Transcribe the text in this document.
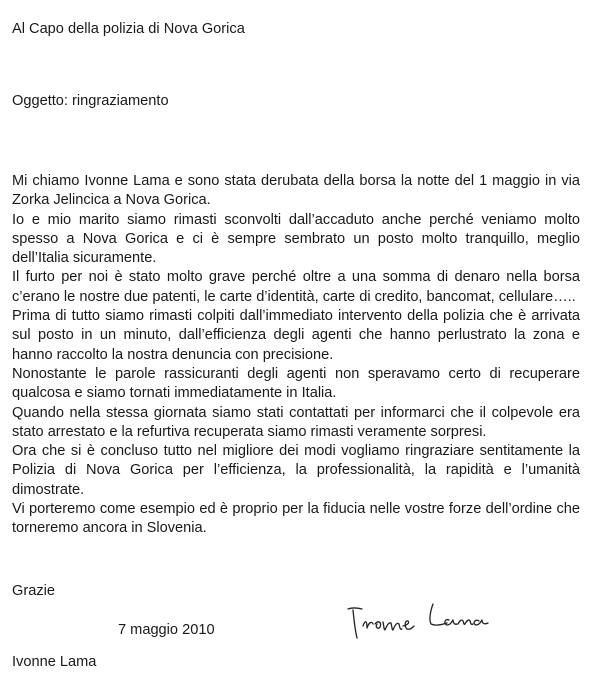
Al Capo della polizia di Nova Gorica
Oggetto: ringraziamento

Mi chiamo Ivonne Lama e sono stata derubata della borsa la notte del 1 maggio in via Zorka Jelincica a Nova Gorica.

Io e mio marito siamo rimasti sconvolti dall’accaduto anche perché veniamo molto spesso a Nova Gorica e ci è sempre sembrato un posto molto tranquillo, meglio dell’Italia sicuramente.

Il furto per noi è stato molto grave perché oltre a una somma di denaro nella borsa c’erano le nostre due patenti, le carte d’identità, carte di credito, bancomat, cellulare…..

Prima di tutto siamo rimasti colpiti dall’immediato intervento della polizia che è arrivata sul posto in un minuto, dall’efficienza degli agenti che hanno perlustrato la zona e hanno raccolto la nostra denuncia con precisione.

Nonostante le parole rassicuranti degli agenti non speravamo certo di recuperare qualcosa e siamo tornati immediatamente in Italia.

Quando nella stessa giornata siamo stati contattati per informarci che il colpevole era stato arrestato e la refurtiva recuperata siamo rimasti veramente sorpresi.

Ora che si è concluso tutto nel migliore dei modi vogliamo ringraziare sentitamente la Polizia di Nova Gorica per l’efficienza, la professionalità, la rapidità e l’umanità dimostrate.

Vi porteremo come esempio ed è proprio per la fiducia nelle vostre forze dell’ordine che torneremo ancora in Slovenia.

Grazie
7 maggio 2010
Ivonne Lama
